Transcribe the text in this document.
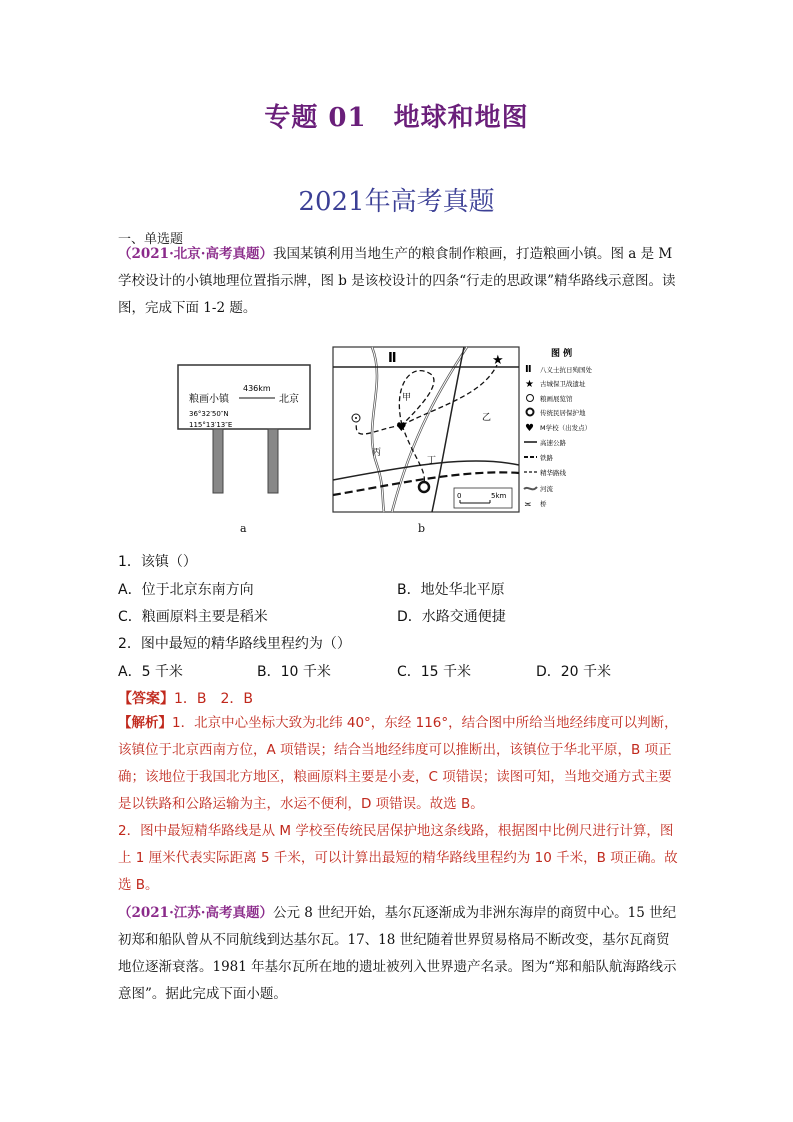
专题 01　地球和地图
2021年高考真题
一、单选题
（2021·北京·高考真题）我国某镇利用当地生产的粮食制作粮画，打造粮画小镇。图 a 是 M 学校设计的小镇地理位置指示牌，图 b 是该校设计的四条“行走的思政课”精华路线示意图。读图，完成下面 1-2 题。
436km
粮画小镇	北京
36°32′50″N
115°13′13″E
a
Ⅱ	★
♥
甲
乙
丙
丁
0	5km
图 例
Ⅱ 八义士抗日殉国处
★ 古城保卫战遗址
粮画展览馆
传统民居保护地
♥ M学校（出发点）
高速公路
铁路
精华路线
河流
≍ 桥
b
1．该镇（）
A．位于北京东南方向	B．地处华北平原
C．粮画原料主要是稻米	D．水路交通便捷
2．图中最短的精华路线里程约为（）
A．5 千米	B．10 千米	C．15 千米	D．20 千米
【答案】1．B　2．B
【解析】1．北京中心坐标大致为北纬 40°，东经 116°，结合图中所给当地经纬度可以判断，该镇位于北京西南方位，A 项错误；结合当地经纬度可以推断出，该镇位于华北平原，B 项正确；该地位于我国北方地区，粮画原料主要是小麦，C 项错误；读图可知，当地交通方式主要是以铁路和公路运输为主，水运不便利，D 项错误。故选 B。
2．图中最短精华路线是从 M 学校至传统民居保护地这条线路，根据图中比例尺进行计算，图上 1 厘米代表实际距离 5 千米，可以计算出最短的精华路线里程约为 10 千米，B 项正确。故选 B。
（2021·江苏·高考真题）公元 8 世纪开始，基尔瓦逐渐成为非洲东海岸的商贸中心。15 世纪初郑和船队曾从不同航线到达基尔瓦。17、18 世纪随着世界贸易格局不断改变，基尔瓦商贸地位逐渐衰落。1981 年基尔瓦所在地的遗址被列入世界遗产名录。图为“郑和船队航海路线示意图”。据此完成下面小题。
